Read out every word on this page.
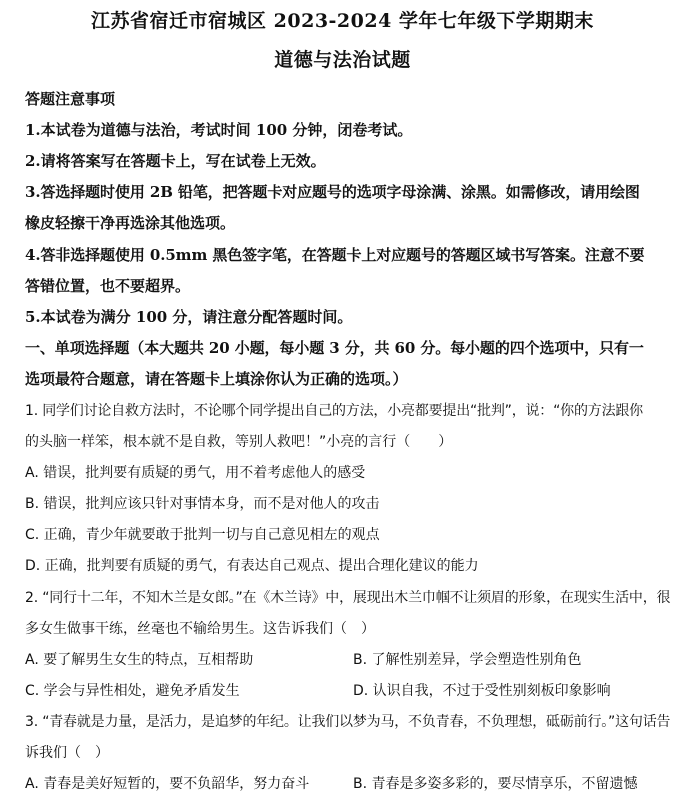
江苏省宿迁市宿城区 2023-2024 学年七年级下学期期末
道德与法治试题
答题注意事项
1.本试卷为道德与法治，考试时间 100 分钟，闭卷考试。
2.请将答案写在答题卡上，写在试卷上无效。
3.答选择题时使用 2B 铅笔，把答题卡对应题号的选项字母涂满、涂黑。如需修改，请用绘图
橡皮轻擦干净再选涂其他选项。
4.答非选择题使用 0.5mm 黑色签字笔，在答题卡上对应题号的答题区域书写答案。注意不要
答错位置，也不要超界。
5.本试卷为满分 100 分，请注意分配答题时间。
一、单项选择题（本大题共 20 小题，每小题 3 分，共 60 分。每小题的四个选项中，只有一
选项最符合题意，请在答题卡上填涂你认为正确的选项。）
1. 同学们讨论自救方法时，不论哪个同学提出自己的方法，小亮都要提出“批判”，说：“你的方法跟你
的头脑一样笨，根本就不是自救，等别人救吧！”小亮的言行（　　）
A. 错误，批判要有质疑的勇气，用不着考虑他人的感受
B. 错误，批判应该只针对事情本身，而不是对他人的攻击
C. 正确，青少年就要敢于批判一切与自己意见相左的观点
D. 正确，批判要有质疑的勇气，有表达自己观点、提出合理化建议的能力
2. “同行十二年，不知木兰是女郎。”在《木兰诗》中，展现出木兰巾帼不让须眉的形象，在现实生活中，很
多女生做事干练，丝毫也不输给男生。这告诉我们（　）
A. 要了解男生女生的特点，互相帮助	B. 了解性别差异，学会塑造性别角色
C. 学会与异性相处，避免矛盾发生	D. 认识自我，不过于受性别刻板印象影响
3. “青春就是力量，是活力，是追梦的年纪。让我们以梦为马，不负青春，不负理想，砥砺前行。”这句话告
诉我们（　）
A. 青春是美好短暂的，要不负韶华，努力奋斗	B. 青春是多姿多彩的，要尽情享乐，不留遗憾
